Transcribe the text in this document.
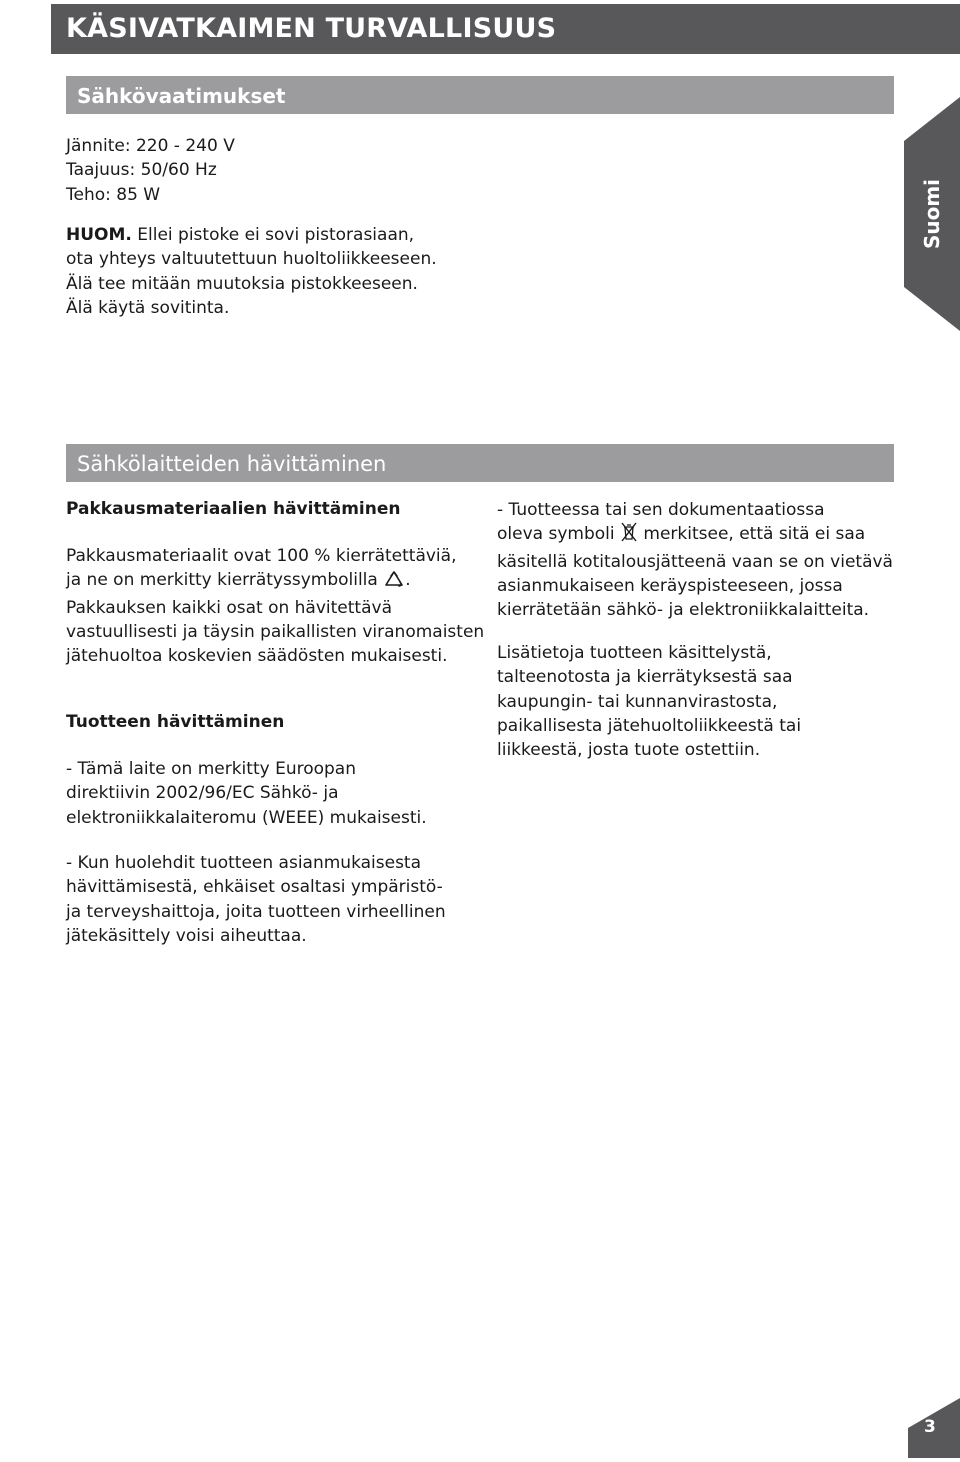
KÄSIVATKAIMEN TURVALLISUUS
Suomi
Sähkövaatimukset

Jännite: 220 - 240 V

Taajuus: 50/60 Hz

Teho: 85 W

HUOM. Ellei pistoke ei sovi pistorasiaan,

ota yhteys valtuutettuun huoltoliikkeeseen.

Älä tee mitään muutoksia pistokkeeseen.

Älä käytä sovitinta.

Sähkölaitteiden hävittäminen
Pakkausmateriaalien hävittäminen

Pakkausmateriaalit ovat 100 % kierrätettäviä,

ja ne on merkitty kierrätyssymbolilla .

Pakkauksen kaikki osat on hävitettävä

vastuullisesti ja täysin paikallisten viranomaisten

jätehuoltoa koskevien säädösten mukaisesti.

Tuotteen hävittäminen

- Tämä laite on merkitty Euroopan

direktiivin 2002/96/EC Sähkö- ja

elektroniikkalaiteromu (WEEE) mukaisesti.

- Kun huolehdit tuotteen asianmukaisesta

hävittämisestä, ehkäiset osaltasi ympäristö-

ja terveyshaittoja, joita tuotteen virheellinen

jätekäsittely voisi aiheuttaa.

- Tuotteessa tai sen dokumentaatiossa

oleva symboli  merkitsee, että sitä ei saa

käsitellä kotitalousjätteenä vaan se on vietävä

asianmukaiseen keräyspisteeseen, jossa

kierrätetään sähkö- ja elektroniikkalaitteita.

Lisätietoja tuotteen käsittelystä,

talteenotosta ja kierrätyksestä saa

kaupungin- tai kunnanvirastosta,

paikallisesta jätehuoltoliikkeestä tai

liikkeestä, josta tuote ostettiin.

3
